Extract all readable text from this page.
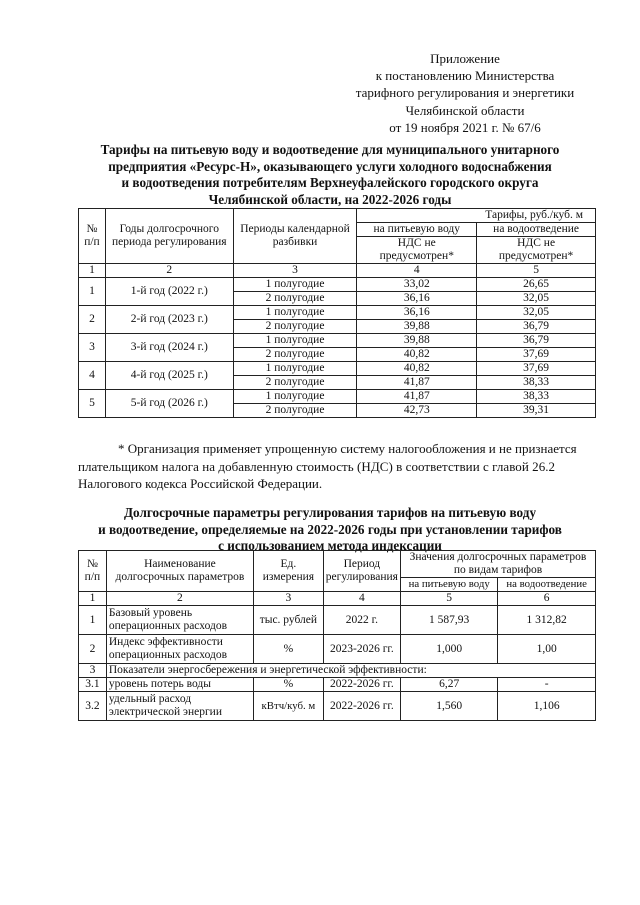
Приложение
к постановлению Министерства
тарифного регулирования и энергетики
Челябинской области
от 19 ноября 2021 г. № 67/6
Тарифы на питьевую воду и водоотведение для муниципального унитарного
предприятия «Ресурс-Н», оказывающего услуги холодного водоснабжения
и водоотведения потребителям Верхнеуфалейского городского округа
Челябинской области, на 2022-2026 годы
№ п/п	Годы долгосрочного периода регулирования	Периоды календарной разбивки	Тарифы, руб./куб. м	
			на питьевую воду	на водоотведение
			НДС не предусмотрен*	НДС не предусмотрен*
1	2	3	4	5
1	1-й год (2022 г.)	1 полугодие	33,02	26,65
		2 полугодие	36,16	32,05
2	2-й год (2023 г.)	1 полугодие	36,16	32,05
		2 полугодие	39,88	36,79
3	3-й год (2024 г.)	1 полугодие	39,88	36,79
		2 полугодие	40,82	37,69
4	4-й год (2025 г.)	1 полугодие	40,82	37,69
		2 полугодие	41,87	38,33
5	5-й год (2026 г.)	1 полугодие	41,87	38,33
		2 полугодие	42,73	39,31
* Организация применяет упрощенную систему налогообложения и не признается
плательщиком налога на добавленную стоимость (НДС) в соответствии с главой 26.2
Налогового кодекса Российской Федерации.
Долгосрочные параметры регулирования тарифов на питьевую воду
и водоотведение, определяемые на 2022-2026 годы при установлении тарифов
с использованием метода индексации
№ п/п	Наименование долгосрочных параметров	Ед. измерения	Период регулирования	Значения долгосрочных параметров по видам тарифов	
				на питьевую воду	на водоотведение
1	2	3	4	5	6
1	Базовый уровень операционных расходов	тыс. рублей	2022 г.	1 587,93	1 312,82
2	Индекс эффективности операционных расходов	%	2023-2026 гг.	1,000	1,00
3	Показатели энергосбережения и энергетической эффективности:				
3.1	уровень потерь воды	%	2022-2026 гг.	6,27	-
3.2	удельный расход электрической энергии	кВтч/куб. м	2022-2026 гг.	1,560	1,106
